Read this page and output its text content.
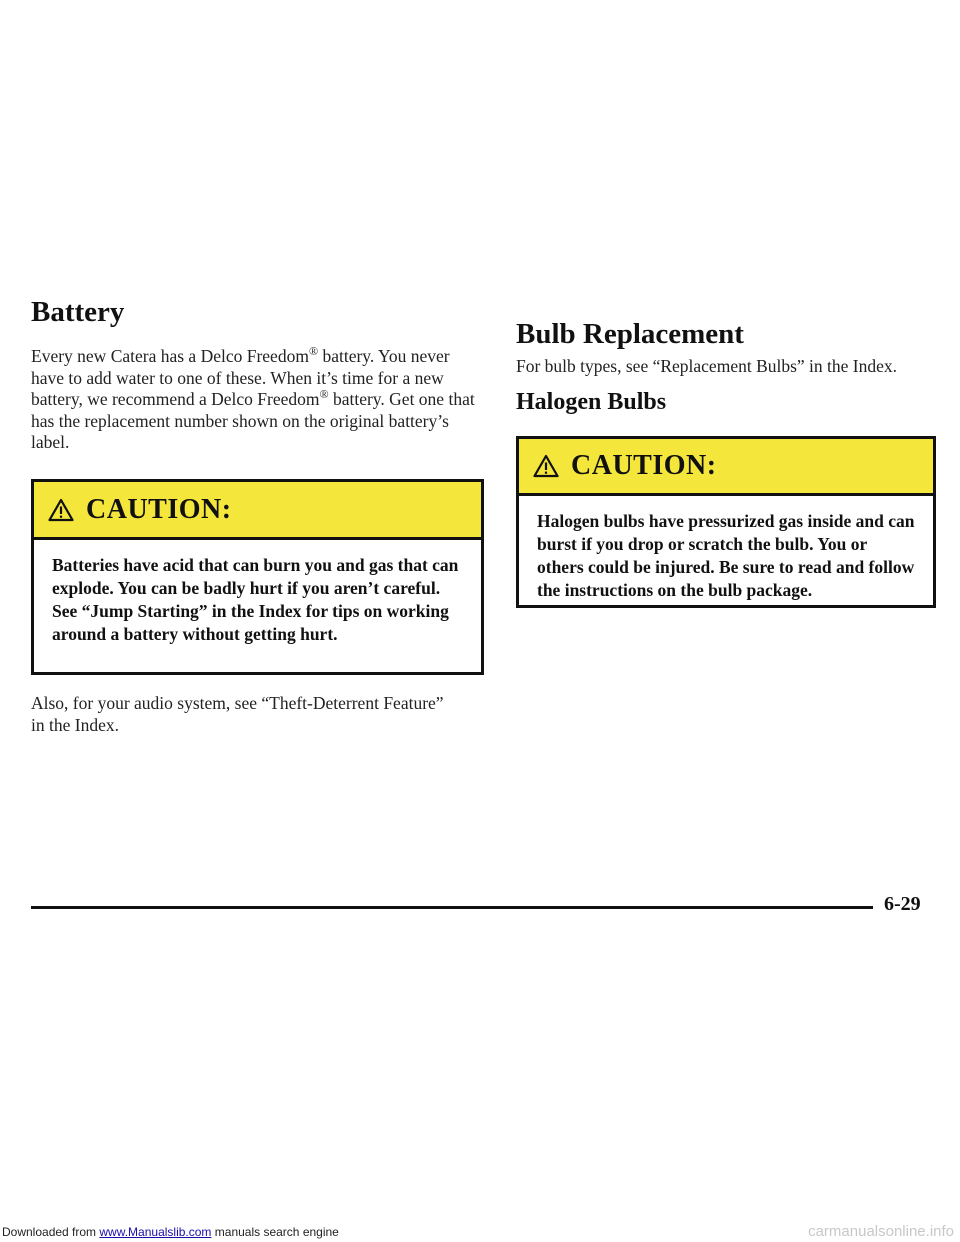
Battery

Every new Catera has a Delco Freedom® battery. You never have to add water to one of these. When it’s time for a new battery, we recommend a Delco Freedom® battery. Get one that has the replacement number shown on the original battery’s label.

CAUTION:
Batteries have acid that can burn you and gas that can explode. You can be badly hurt if you aren’t careful. See “Jump Starting” in the Index for tips on working around a battery without getting hurt.

Also, for your audio system, see “Theft-Deterrent Feature” in the Index.

Bulb Replacement

For bulb types, see “Replacement Bulbs” in the Index.

Halogen Bulbs
CAUTION:
Halogen bulbs have pressurized gas inside and can burst if you drop or scratch the bulb. You or others could be injured. Be sure to read and follow the instructions on the bulb package.
6-29
Downloaded from www.Manualslib.com manuals search engine	carmanualsonline.info
